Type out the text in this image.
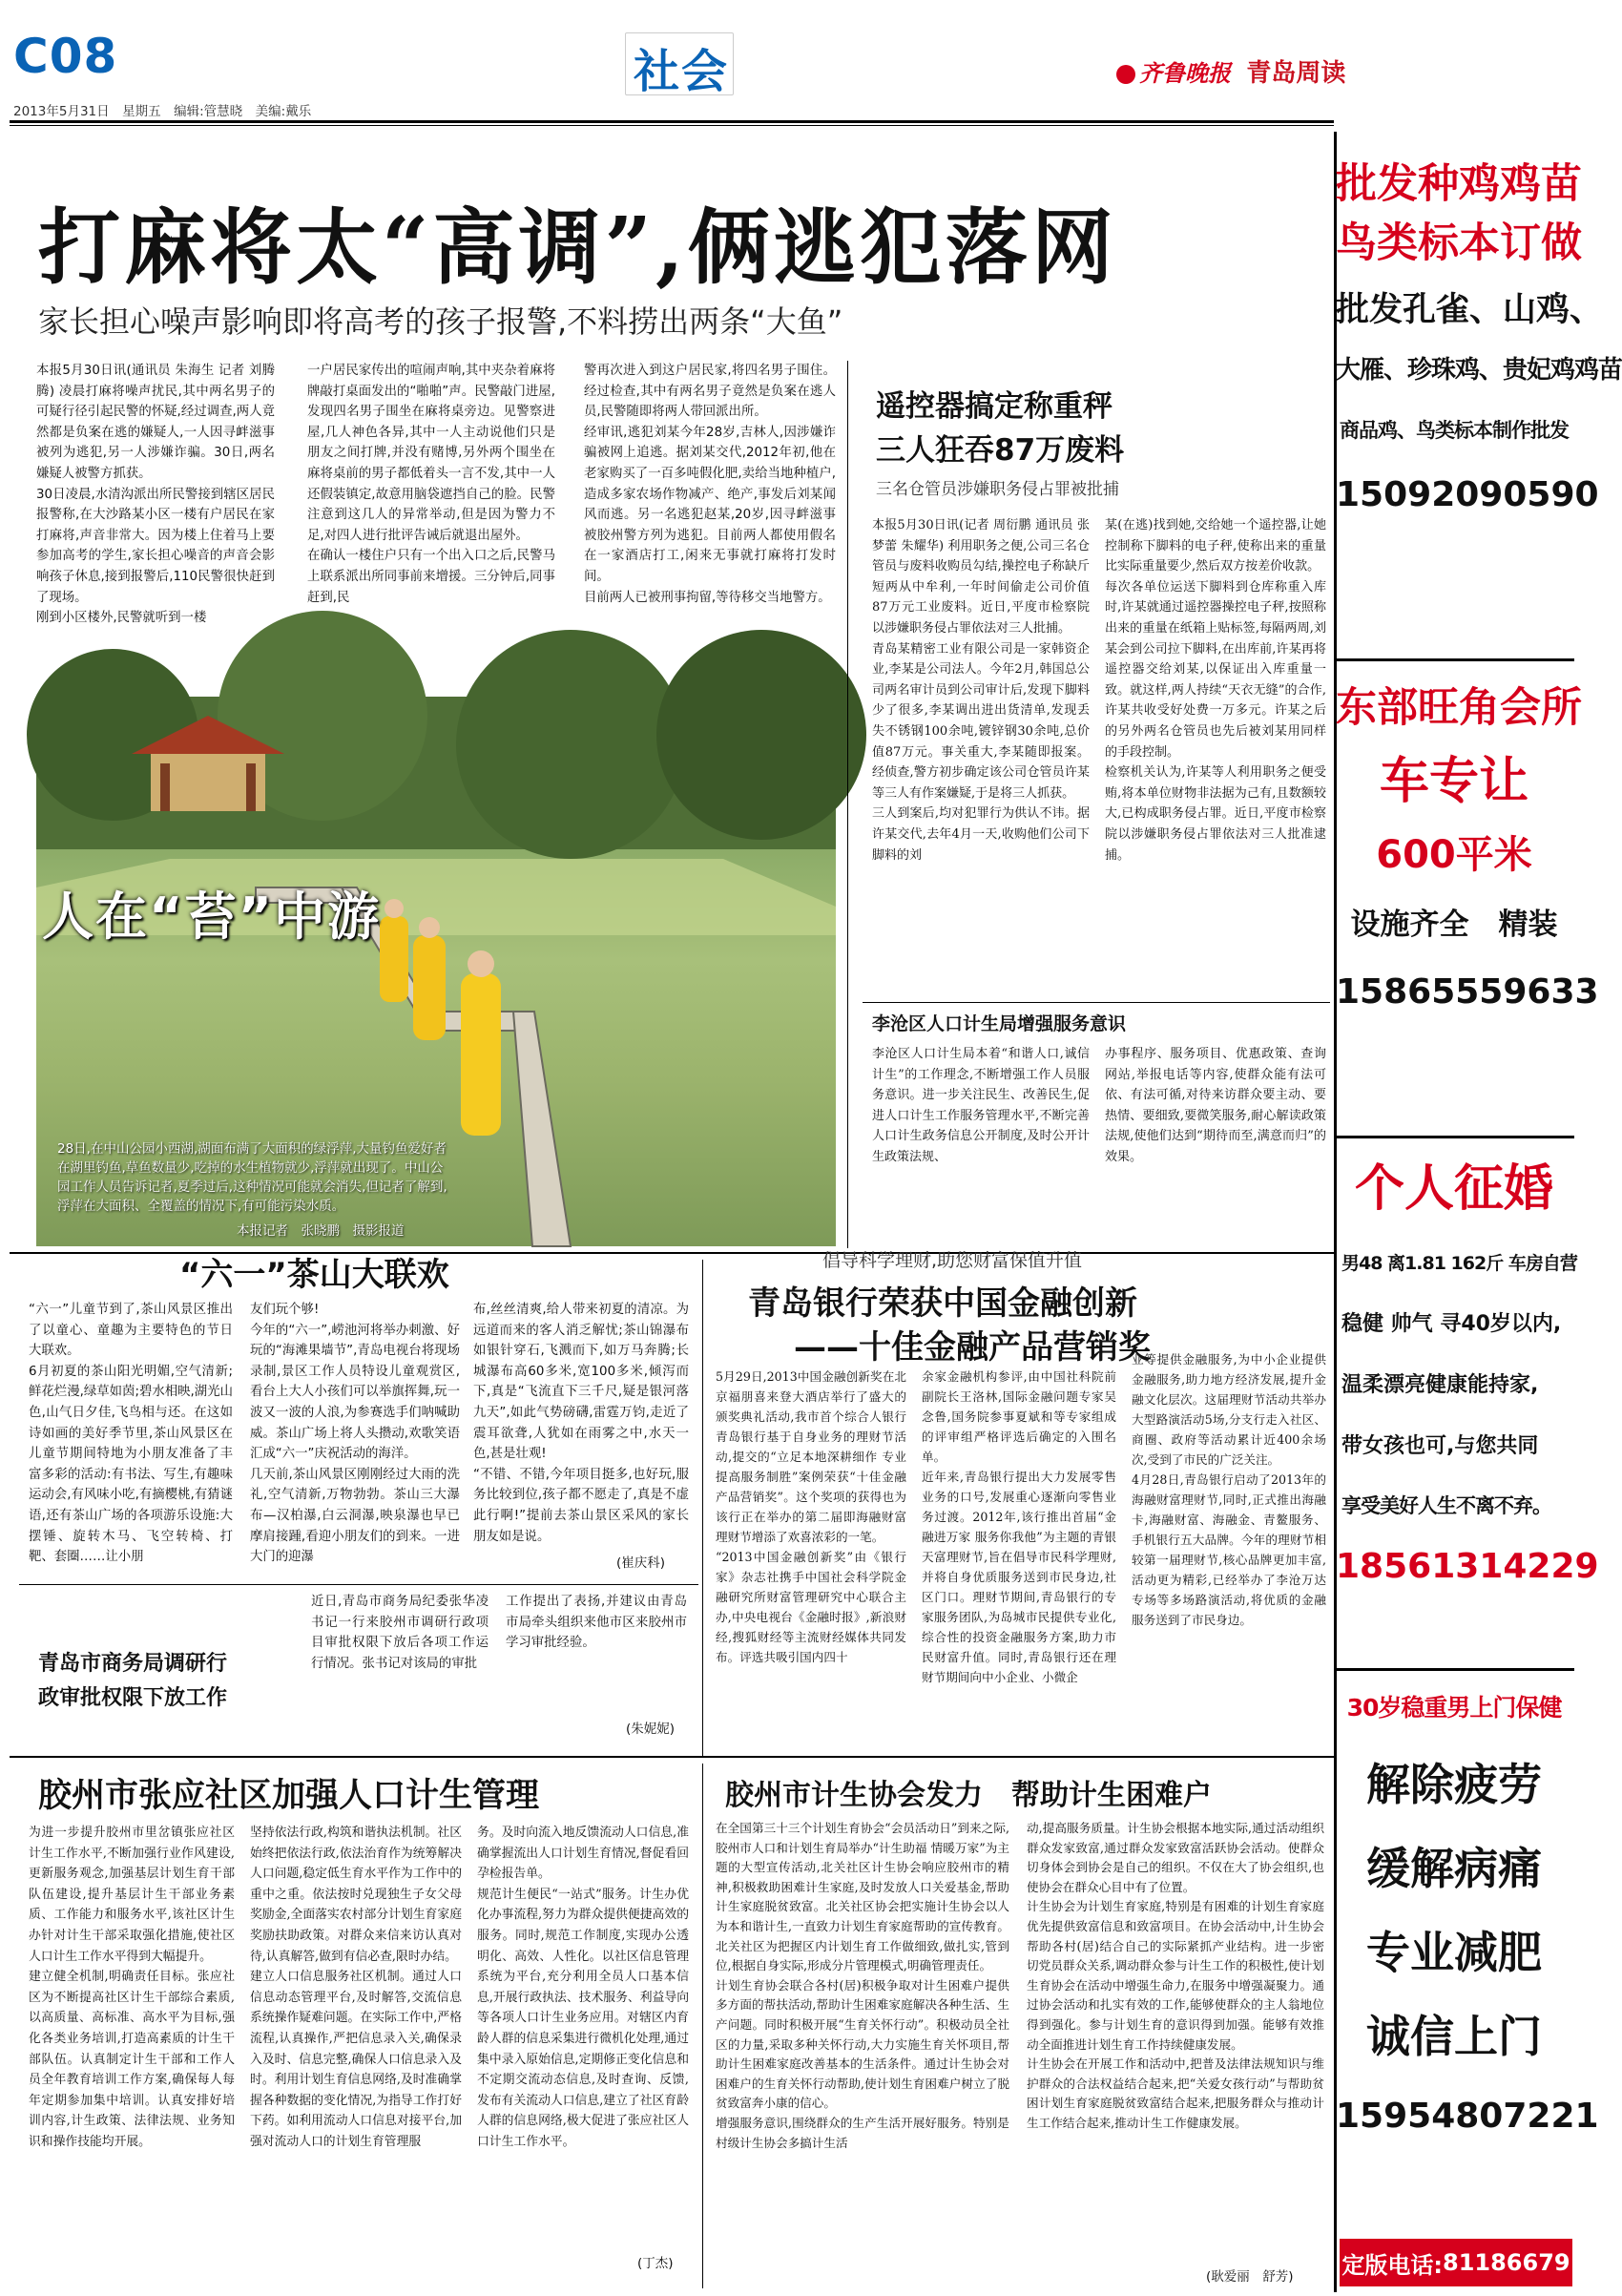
C08
2013年5月31日　星期五　编辑:管慧晓　美编:戴乐
社会	齐鲁晚报 青岛周读
打麻将太“高调”,俩逃犯落网
家长担心噪声影响即将高考的孩子报警,不料捞出两条“大鱼”
本报5月30日讯(通讯员 朱海生 记者 刘腾腾) 凌晨打麻将噪声扰民,其中两名男子的可疑行径引起民警的怀疑,经过调查,两人竟然都是负案在逃的嫌疑人,一人因寻衅滋事被列为逃犯,另一人涉嫌诈骗。30日,两名嫌疑人被警方抓获。
30日凌晨,水清沟派出所民警接到辖区居民报警称,在大沙路某小区一楼有户居民在家打麻将,声音非常大。因为楼上住着马上要参加高考的学生,家长担心噪音的声音会影响孩子休息,接到报警后,110民警很快赶到了现场。
刚到小区楼外,民警就听到一楼
一户居民家传出的喧闹声响,其中夹杂着麻将牌敲打桌面发出的“啪啪”声。民警敲门进屋,发现四名男子围坐在麻将桌旁边。见警察进屋,几人神色各异,其中一人主动说他们只是朋友之间打牌,并没有赌博,另外两个围坐在麻将桌前的男子都低着头一言不发,其中一人还假装镇定,故意用脑袋遮挡自己的脸。民警注意到这几人的异常举动,但是因为警力不足,对四人进行批评告诫后就退出屋外。
在确认一楼住户只有一个出入口之后,民警马上联系派出所同事前来增援。三分钟后,同事赶到,民
警再次进入到这户居民家,将四名男子围住。经过检查,其中有两名男子竟然是负案在逃人员,民警随即将两人带回派出所。
经审讯,逃犯刘某今年28岁,吉林人,因涉嫌诈骗被网上追逃。据刘某交代,2012年初,他在老家购买了一百多吨假化肥,卖给当地种植户,造成多家农场作物减产、绝产,事发后刘某闻风而逃。另一名逃犯赵某,20岁,因寻衅滋事被胶州警方列为逃犯。目前两人都使用假名在一家酒店打工,闲来无事就打麻将打发时间。
目前两人已被刑事拘留,等待移交当地警方。
人在“苔”中游
28日,在中山公园小西湖,湖面布满了大面积的绿浮萍,大量钓鱼爱好者在湖里钓鱼,草鱼数量少,吃掉的水生植物就少,浮萍就出现了。中山公园工作人员告诉记者,夏季过后,这种情况可能就会消失,但记者了解到,浮萍在大面积、全覆盖的情况下,有可能污染水质。
本报记者　张晓鹏　摄影报道
遥控器搞定称重秤
三人狂吞87万废料
三名仓管员涉嫌职务侵占罪被批捕
本报5月30日讯(记者 周衍鹏 通讯员 张梦蕾 朱耀华) 利用职务之便,公司三名仓管员与废料收购员勾结,操控电子称缺斤短两从中牟利,一年时间偷走公司价值87万元工业废料。近日,平度市检察院以涉嫌职务侵占罪依法对三人批捕。
青岛某精密工业有限公司是一家韩资企业,李某是公司法人。今年2月,韩国总公司两名审计员到公司审计后,发现下脚料少了很多,李某调出进出货清单,发现丢失不锈钢100余吨,镀锌钢30余吨,总价值87万元。事关重大,李某随即报案。经侦查,警方初步确定该公司仓管员许某等三人有作案嫌疑,于是将三人抓获。
三人到案后,均对犯罪行为供认不讳。据许某交代,去年4月一天,收购他们公司下脚料的刘
某(在逃)找到她,交给她一个遥控器,让她控制称下脚料的电子秤,使称出来的重量比实际重量要少,然后双方按差价收款。
每次各单位运送下脚料到仓库称重入库时,许某就通过遥控器操控电子秤,按照称出来的重量在纸箱上贴标签,每隔两周,刘某会到公司拉下脚料,在出库前,许某再将遥控器交给刘某,以保证出入库重量一致。就这样,两人持续“天衣无缝”的合作,许某共收受好处费一万多元。许某之后的另外两名仓管员也先后被刘某用同样的手段控制。
检察机关认为,许某等人利用职务之便受贿,将本单位财物非法据为己有,且数额较大,已构成职务侵占罪。近日,平度市检察院以涉嫌职务侵占罪依法对三人批准逮捕。
李沧区人口计生局增强服务意识
李沧区人口计生局本着“和谐人口,诚信计生”的工作理念,不断增强工作人员服务意识。进一步关注民生、改善民生,促进人口计生工作服务管理水平,不断完善人口计生政务信息公开制度,及时公开计生政策法规、
办事程序、服务项目、优惠政策、查询网站,举报电话等内容,使群众能有法可依、有法可循,对待来访群众要主动、要热情、要细致,要微笑服务,耐心解读政策法规,使他们达到“期待而至,满意而归”的效果。
“六一”茶山大联欢
“六一”儿童节到了,茶山风景区推出了以童心、童趣为主要特色的节日大联欢。
6月初夏的茶山阳光明媚,空气清新;鲜花烂漫,绿草如茵;碧水相映,湖光山色,山气日夕佳,飞鸟相与还。在这如诗如画的美好季节里,茶山风景区在儿童节期间特地为小朋友准备了丰富多彩的活动:有书法、写生,有趣味运动会,有风味小吃,有摘樱桃,有猜谜语,还有茶山广场的各项游乐设施:大摆锤、旋转木马、飞空转椅、打靶、套圈……让小朋
友们玩个够!
今年的“六一”,崂池河将举办刺激、好玩的“海滩果墙节”,青岛电视台将现场录制,景区工作人员特设儿童观赏区,看台上大人小孩们可以举旗挥舞,玩一波又一波的人浪,为参赛选手们呐喊助威。茶山广场上将人头攒动,欢歌笑语汇成“六一”庆祝活动的海洋。
几天前,茶山风景区刚刚经过大雨的洗礼,空气清新,万物勃勃。茶山三大瀑布—汉柏瀑,白云洞瀑,映泉瀑也早已摩肩接踵,看迎小朋友们的到来。一进大门的迎瀑
布,丝丝清爽,给人带来初夏的清凉。为远道而来的客人消乏解忧;茶山锦瀑布如银针穿石,飞溅而下,如万马奔腾;长城瀑布高60多米,宽100多米,倾泻而下,真是“飞流直下三千尺,疑是银河落九天”,如此气势磅礴,雷霆万钧,走近了震耳欲聋,人犹如在雨雾之中,水天一色,甚是壮观!
“不错、不错,今年项目挺多,也好玩,服务比较到位,孩子都不愿走了,真是不虚此行啊!”提前去茶山景区采风的家长朋友如是说。
(崔庆科)
倡导科学理财,助您财富保值升值
青岛银行荣获中国金融创新
——十佳金融产品营销奖
5月29日,2013中国金融创新奖在北京福朋喜来登大酒店举行了盛大的颁奖典礼活动,我市首个综合人银行青岛银行基于自身业务的理财节活动,提交的“立足本地深耕细作 专业提高服务制胜”案例荣获“十佳金融产品营销奖”。这个奖项的获得也为该行正在举办的第二届即海融财富理财节增添了欢喜浓彩的一笔。
“2013中国金融创新奖”由《银行家》杂志社携手中国社会科学院金融研究所财富管理研究中心联合主办,中央电视台《金融时报》,新浪财经,搜狐财经等主流财经媒体共同发布。评选共吸引国内四十
余家金融机构参评,由中国社科院前副院长王洛林,国际金融问题专家吴念鲁,国务院参事夏斌和等专家组成的评审组严格评选后确定的入围名单。
近年来,青岛银行提出大力发展零售业务的口号,发展重心逐渐向零售业务过渡。2012年,该行推出首届“金融进万家 服务你我他”为主题的青银天富理财节,旨在倡导市民科学理财,并将自身优质服务送到市民身边,社区门口。理财节期间,青岛银行的专家服务团队,为岛城市民提供专业化,综合性的投资金融服务方案,助力市民财富升值。同时,青岛银行还在理财节期间向中小企业、小微企
业等提供金融服务,为中小企业提供金融服务,助力地方经济发展,提升金融文化层次。这届理财节活动共举办大型路演活动5场,分支行走入社区、商圈、政府等活动累计近400余场次,受到了市民的广泛关注。
4月28日,青岛银行启动了2013年的海融财富理财节,同时,正式推出海融卡,海融财富、海融金、青鳌服务、手机银行五大品牌。今年的理财节相较第一届理财节,核心品牌更加丰富,活动更为精彩,已经举办了李沧万达专场等多场路演活动,将优质的金融服务送到了市民身边。
青岛市商务局调研行
政审批权限下放工作
近日,青岛市商务局纪委张华凌书记一行来胶州市调研行政项目审批权限下放后各项工作运行情况。张书记对该局的审批
工作提出了表扬,并建议由青岛市局牵头组织来他市区来胶州市学习审批经验。
(朱妮妮)
胶州市张应社区加强人口计生管理
为进一步提升胶州市里岔镇张应社区计生工作水平,不断加强行业作风建设,更新服务观念,加强基层计划生育干部队伍建设,提升基层计生干部业务素质、工作能力和服务水平,该社区计生办针对计生干部采取强化措施,使社区人口计生工作水平得到大幅提升。
建立健全机制,明确责任目标。张应社区为不断提高社区计生干部综合素质,以高质量、高标准、高水平为目标,强化各类业务培训,打造高素质的计生干部队伍。认真制定计生干部和工作人员全年教育培训工作方案,确保每人每年定期参加集中培训。认真安排好培训内容,计生政策、法律法规、业务知识和操作技能均开展。
坚持依法行政,构筑和谐执法机制。社区始终把依法行政,依法治育作为统筹解决人口问题,稳定低生育水平作为工作中的重中之重。依法按时兑现独生子女父母奖励金,全面落实农村部分计划生育家庭奖励扶助政策。对群众来信来访认真对待,认真解答,做到有信必查,限时办结。
建立人口信息服务社区机制。通过人口信息动态管理平台,及时解答,交流信息系统操作疑难问题。在实际工作中,严格流程,认真操作,严把信息录入关,确保录入及时、信息完整,确保人口信息录入及时。利用计划生育信息网络,及时准确掌握各种数据的变化情况,为指导工作打好下药。如利用流动人口信息对接平台,加强对流动人口的计划生育管理服
务。及时向流入地反馈流动人口信息,准确掌握流出人口计划生育情况,督促看回孕检报告单。
规范计生便民“一站式”服务。计生办优化办事流程,努力为群众提供便捷高效的服务。同时,规范工作制度,实现办公透明化、高效、人性化。以社区信息管理系统为平台,充分利用全员人口基本信息,开展行政执法、技术服务、利益导向等各项人口计生业务应用。对辖区内育龄人群的信息采集进行微机化处理,通过集中录入原始信息,定期修正变化信息和不定期交流动态信息,及时查询、反馈,发布有关流动人口信息,建立了社区育龄人群的信息网络,极大促进了张应社区人口计生工作水平。
(丁杰)
胶州市计生协会发力　帮助计生困难户
在全国第三十三个计划生育协会“会员活动日”到来之际,胶州市人口和计划生育局举办“计生助福 情暖万家”为主题的大型宣传活动,北关社区计生协会响应胶州市的精神,积极救助困难计生家庭,及时发放人口关爱基金,帮助计生家庭脱贫致富。北关社区协会把实施计生协会以人为本和谐计生,一直致力计划生育家庭帮助的宣传教育。北关社区为把握区内计划生育工作做细致,做扎实,管到位,根据自身实际,形成分片管理模式,明确管理责任。
计划生育协会联合各村(居)积极争取对计生困难户提供多方面的帮扶活动,帮助计生困难家庭解决各种生活、生产问题。同时积极开展“生育关怀行动”。积极动员全社区的力量,采取多种关怀行动,大力实施生育关怀项目,帮助计生困难家庭改善基本的生活条件。通过计生协会对困难户的生育关怀行动帮助,使计划生育困难户树立了脱贫致富奔小康的信心。
增强服务意识,围绕群众的生产生活开展好服务。特别是村级计生协会多搞计生活
动,提高服务质量。计生协会根据本地实际,通过活动组织群众发家致富,通过群众发家致富活跃协会活动。使群众切身体会到协会是自己的组织。不仅在大了协会组织,也使协会在群众心目中有了位置。
计生协会为计划生育家庭,特别是有困难的计划生育家庭优先提供致富信息和致富项目。在协会活动中,计生协会帮助各村(居)结合自己的实际紧抓产业结构。进一步密切党员群众关系,调动群众参与计生工作的积极性,使计划生育协会在活动中增强生命力,在服务中增强凝聚力。通过协会活动和扎实有效的工作,能够使群众的主人翁地位得到强化。参与计划生育的意识得到加强。能够有效推动全面推进计划生育工作持续健康发展。
计生协会在开展工作和活动中,把普及法律法规知识与维护群众的合法权益结合起来,把“关爱女孩行动”与帮助贫困计划生育家庭脱贫致富结合起来,把服务群众与推动计生工作结合起来,推动计生工作健康发展。
(耿爱丽　舒芳)
批发种鸡鸡苗
鸟类标本订做
批发孔雀、山鸡、
大雁、珍珠鸡、贵妃鸡鸡苗
商品鸡、鸟类标本制作批发
15092090590
东部旺角会所
车专让
600平米
设施齐全　精装
15865559633
个人征婚
男48 离1.81 162斤 车房自营
稳健 帅气 寻40岁以内,
温柔漂亮健康能持家,
带女孩也可,与您共同
享受美好人生不离不弃。
18561314229
30岁稳重男上门保健
解除疲劳
缓解病痛
专业减肥
诚信上门
15954807221
定版电话: 81186679
